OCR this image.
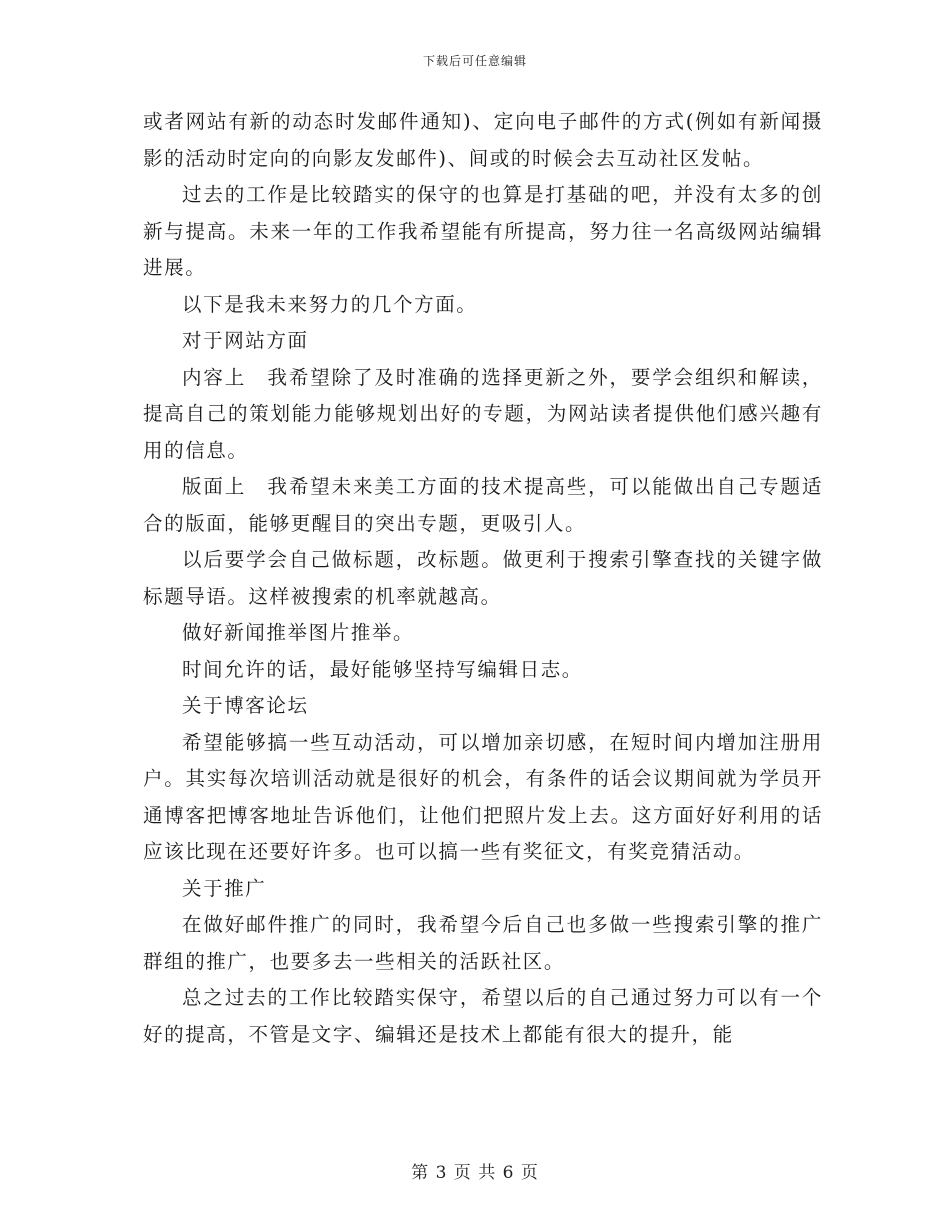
下载后可任意编辑

或者网站有新的动态时发邮件通知)、定向电子邮件的方式(例如有新闻摄影的活动时定向的向影友发邮件)、间或的时候会去互动社区发帖。

过去的工作是比较踏实的保守的也算是打基础的吧，并没有太多的创新与提高。未来一年的工作我希望能有所提高，努力往一名高级网站编辑进展。

以下是我未来努力的几个方面。

对于网站方面

内容上　我希望除了及时准确的选择更新之外，要学会组织和解读，提高自己的策划能力能够规划出好的专题，为网站读者提供他们感兴趣有用的信息。

版面上　我希望未来美工方面的技术提高些，可以能做出自己专题适合的版面，能够更醒目的突出专题，更吸引人。

以后要学会自己做标题，改标题。做更利于搜索引擎查找的关键字做标题导语。这样被搜索的机率就越高。

做好新闻推举图片推举。

时间允许的话，最好能够坚持写编辑日志。

关于博客论坛

希望能够搞一些互动活动，可以增加亲切感，在短时间内增加注册用户。其实每次培训活动就是很好的机会，有条件的话会议期间就为学员开通博客把博客地址告诉他们，让他们把照片发上去。这方面好好利用的话应该比现在还要好许多。也可以搞一些有奖征文，有奖竞猜活动。

关于推广

在做好邮件推广的同时，我希望今后自己也多做一些搜索引擎的推广群组的推广，也要多去一些相关的活跃社区。

总之过去的工作比较踏实保守，希望以后的自己通过努力可以有一个好的提高，不管是文字、编辑还是技术上都能有很大的提升，能

第 3 页 共 6 页
